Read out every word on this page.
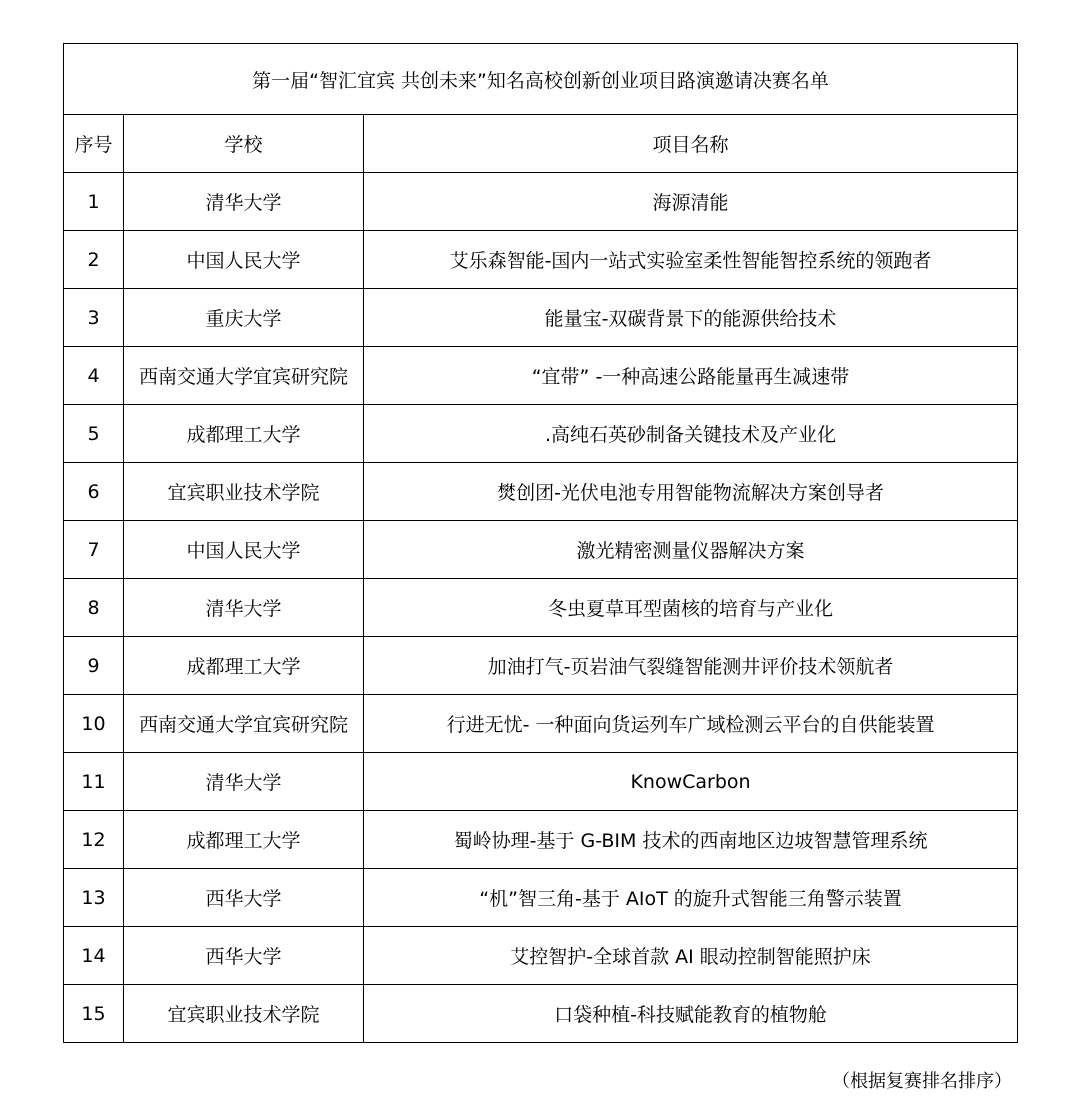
第一届“智汇宜宾 共创未来”知名高校创新创业项目路演邀请决赛名单		
序号	学校	项目名称
1	清华大学	海源清能
2	中国人民大学	艾乐森智能-国内一站式实验室柔性智能智控系统的领跑者
3	重庆大学	能量宝-双碳背景下的能源供给技术
4	西南交通大学宜宾研究院	“宜带” -一种高速公路能量再生减速带
5	成都理工大学	.高纯石英砂制备关键技术及产业化
6	宜宾职业技术学院	燓创团-光伏电池专用智能物流解决方案创导者
7	中国人民大学	激光精密测量仪器解决方案
8	清华大学	冬虫夏草耳型菌核的培育与产业化
9	成都理工大学	加油打气-页岩油气裂缝智能测井评价技术领航者
10	西南交通大学宜宾研究院	行进无忧- 一种面向货运列车广域检测云平台的自供能装置
11	清华大学	KnowCarbon
12	成都理工大学	蜀岭协理-基于 G-BIM 技术的西南地区边坡智慧管理系统
13	西华大学	“机”智三角-基于 AIoT 的旋升式智能三角警示装置
14	西华大学	艾控智护-全球首款 AI 眼动控制智能照护床
15	宜宾职业技术学院	口袋种植-科技赋能教育的植物舱
（根据复赛排名排序）
